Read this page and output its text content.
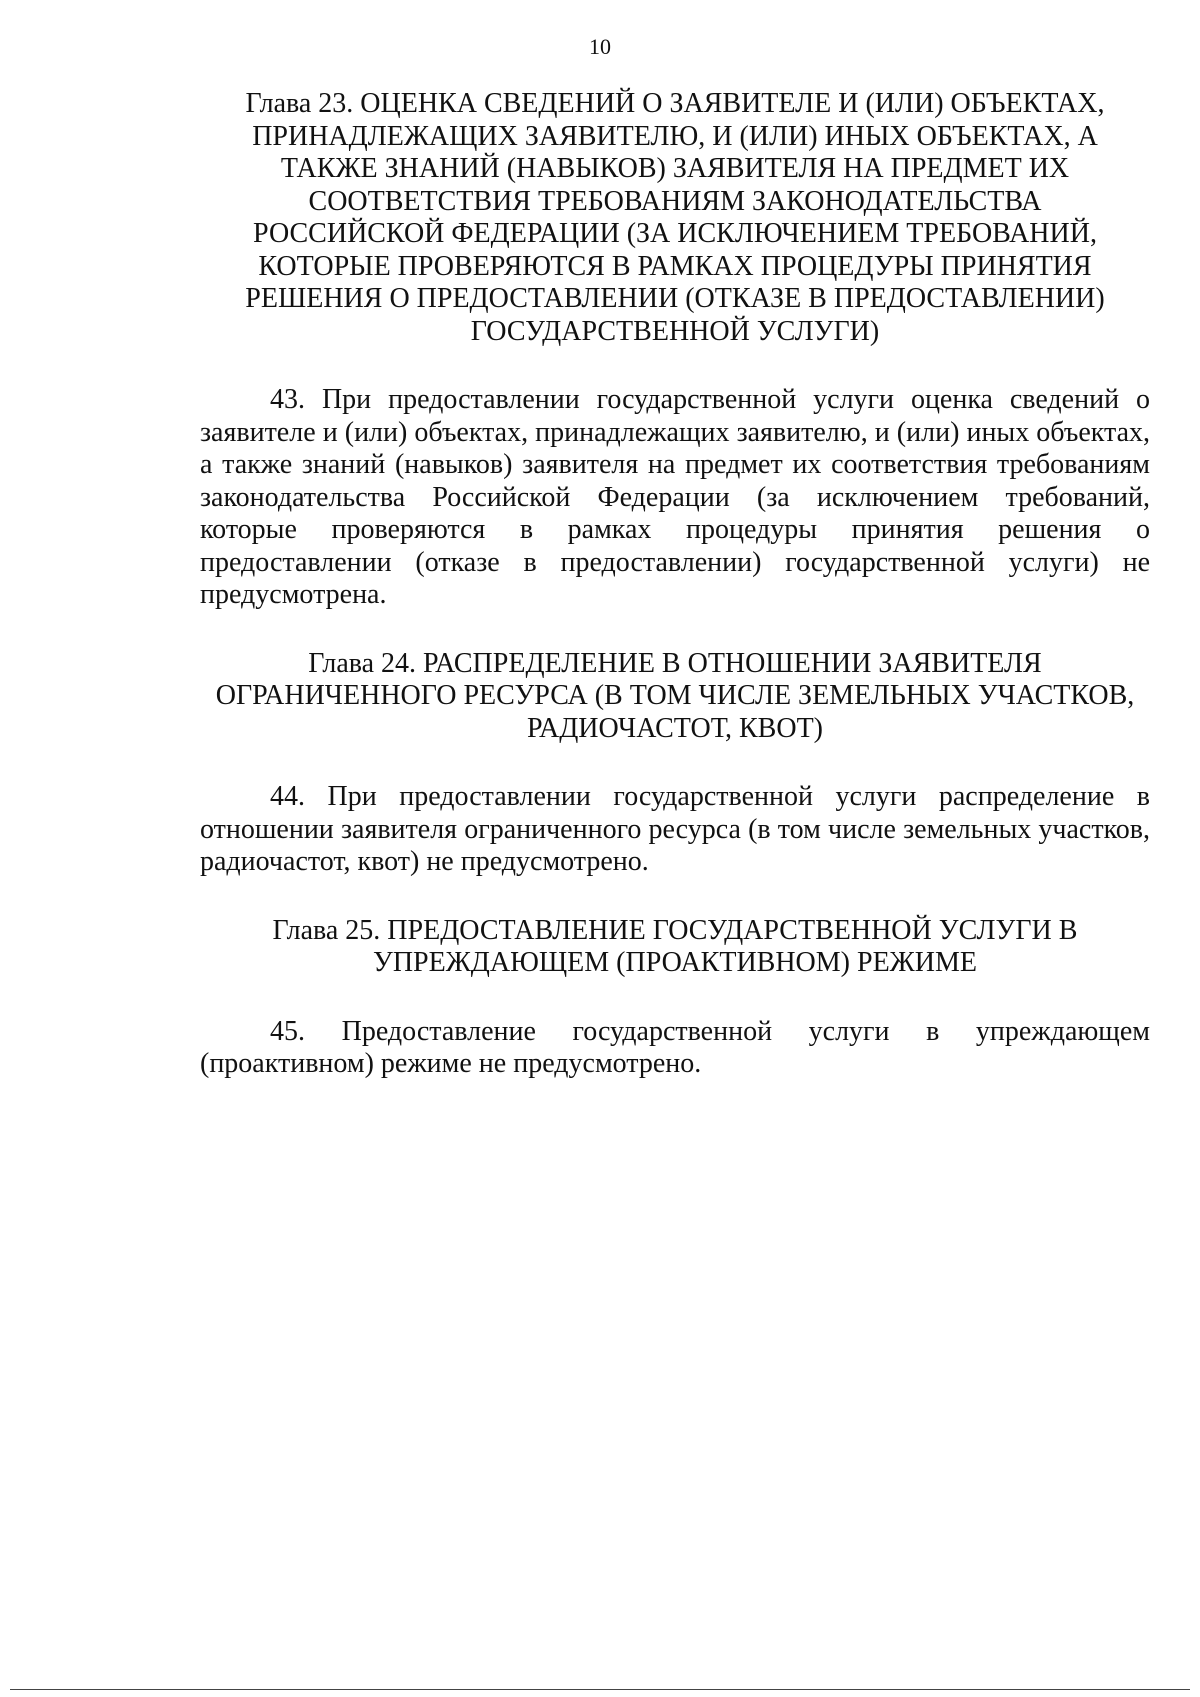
10
Глава 23. ОЦЕНКА СВЕДЕНИЙ О ЗАЯВИТЕЛЕ И (ИЛИ) ОБЪЕКТАХ,
ПРИНАДЛЕЖАЩИХ ЗАЯВИТЕЛЮ, И (ИЛИ) ИНЫХ ОБЪЕКТАХ, А
ТАКЖЕ ЗНАНИЙ (НАВЫКОВ) ЗАЯВИТЕЛЯ НА ПРЕДМЕТ ИХ
СООТВЕТСТВИЯ ТРЕБОВАНИЯМ ЗАКОНОДАТЕЛЬСТВА
РОССИЙСКОЙ ФЕДЕРАЦИИ (ЗА ИСКЛЮЧЕНИЕМ ТРЕБОВАНИЙ,
КОТОРЫЕ ПРОВЕРЯЮТСЯ В РАМКАХ ПРОЦЕДУРЫ ПРИНЯТИЯ
РЕШЕНИЯ О ПРЕДОСТАВЛЕНИИ (ОТКАЗЕ В ПРЕДОСТАВЛЕНИИ)
ГОСУДАРСТВЕННОЙ УСЛУГИ)

43. При предоставлении государственной услуги оценка сведений о заявителе и (или) объектах, принадлежащих заявителю, и (или) иных объектах, а также знаний (навыков) заявителя на предмет их соответствия требованиям законодательства Российской Федерации (за исключением требований, которые проверяются в рамках процедуры принятия решения о предоставлении (отказе в предоставлении) государственной услуги) не предусмотрена.

Глава 24. РАСПРЕДЕЛЕНИЕ В ОТНОШЕНИИ ЗАЯВИТЕЛЯ
ОГРАНИЧЕННОГО РЕСУРСА (В ТОМ ЧИСЛЕ ЗЕМЕЛЬНЫХ УЧАСТКОВ,
РАДИОЧАСТОТ, КВОТ)

44. При предоставлении государственной услуги распределение в отношении заявителя ограниченного ресурса (в том числе земельных участков, радиочастот, квот) не предусмотрено.

Глава 25. ПРЕДОСТАВЛЕНИЕ ГОСУДАРСТВЕННОЙ УСЛУГИ В
УПРЕЖДАЮЩЕМ (ПРОАКТИВНОМ) РЕЖИМЕ

45. Предоставление государственной услуги в упреждающем (проактивном) режиме не предусмотрено.
